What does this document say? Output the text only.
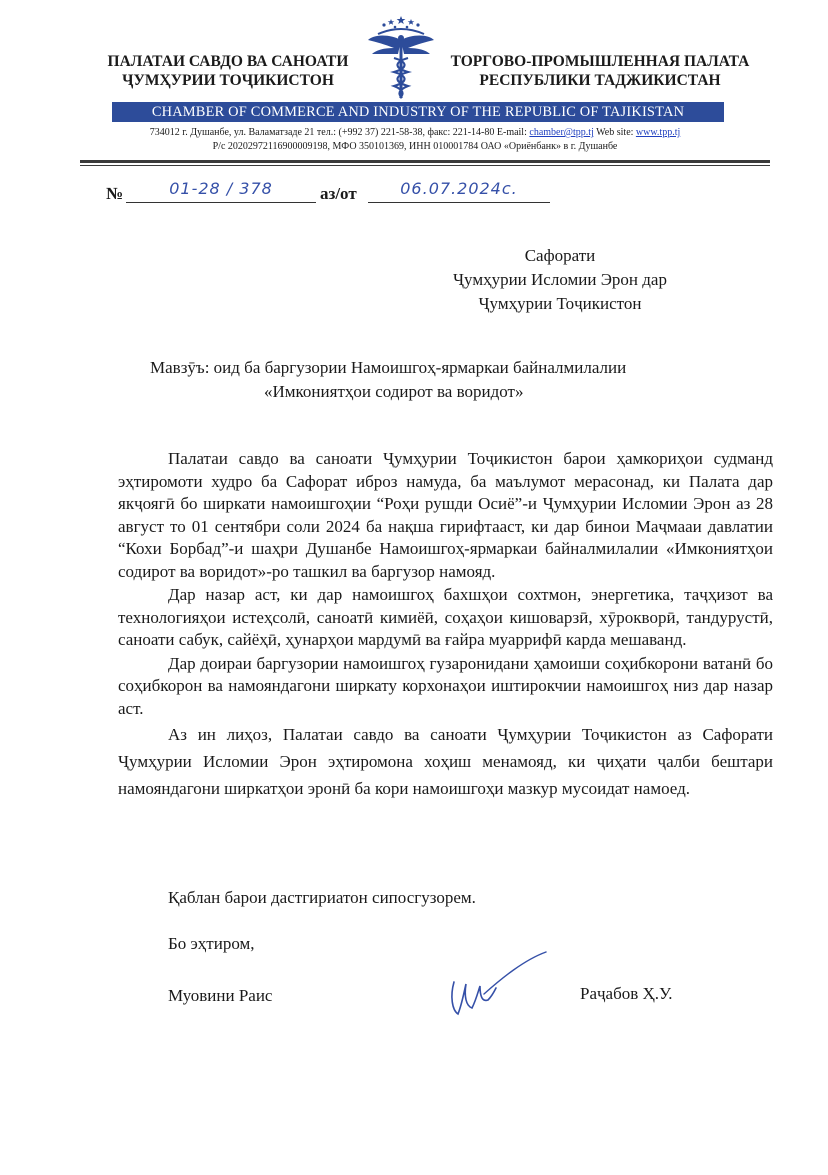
ПАЛАТАИ САВДО ВА САНОАТИ
ҶУМҲУРИИ ТОҶИКИСТОН
ТОРГОВО-ПРОМЫШЛЕННАЯ ПАЛАТА
РЕСПУБЛИКИ ТАДЖИКИСТАН
CHAMBER OF COMMERCE AND INDUSTRY OF THE REPUBLIC OF TAJIKISTAN
734012 г. Душанбе, ул. Валаматзаде 21 тел.: (+992 37) 221-58-38, факс: 221-14-80 E-mail: chamber@tpp.tj Web site: www.tpp.tj
Р/с 20202972116900009198, МФО 350101369, ИНН 010001784 ОАО «Ориёнбанк» в г. Душанбе
№	01-28 / 378	аз/от	06.07.2024с.
Сафорати
Ҷумҳурии Исломии Эрон дар
Ҷумҳурии Тоҷикистон
Мавзӯъ: оид ба баргузории Намоишгоҳ-ярмаркаи байналмилалии
«Имкониятҳои содирот ва воридот»

Палатаи савдо ва саноати Ҷумҳурии Тоҷикистон барои ҳамкориҳои судманд эҳтиромоти худро ба Сафорат иброз намуда, ба маълумот мерасонад, ки Палата дар якҷоягӣ бо ширкати намоишгоҳии “Роҳи рушди Осиё”-и Ҷумҳурии Исломии Эрон аз 28 август то 01 сентябри соли 2024 ба нақша гирифтааст, ки дар бинои Маҷмааи давлатии “Кохи Борбад”-и шаҳри Душанбе Намоишгоҳ-ярмаркаи байналмилалии «Имкониятҳои содирот ва воридот»-ро ташкил ва баргузор намояд.

Дар назар аст, ки дар намоишгоҳ бахшҳои сохтмон, энергетика, таҷҳизот ва технологияҳои истеҳсолӣ, саноатӣ кимиёӣ, соҳаҳои кишоварзӣ, хӯрокворӣ, тандурустӣ, саноати сабук, сайёҳӣ, ҳунарҳои мардумӣ ва ғайра муаррифӣ карда мешаванд.

Дар доираи баргузории намоишгоҳ гузаронидани ҳамоиши соҳибкорони ватанӣ бо соҳибкорон ва намояндагони ширкату корхонаҳои иштирокчии намоишгоҳ низ дар назар аст.

Аз ин лиҳоз, Палатаи савдо ва саноати Ҷумҳурии Тоҷикистон аз Сафорати Ҷумҳурии Исломии Эрон эҳтиромона хоҳиш менамояд, ки ҷиҳати ҷалби бештари намояндагони ширкатҳои эронӣ ба кори намоишгоҳи мазкур мусоидат намоед.

Қаблан барои дастгириатон сипосгузорем.
Бо эҳтиром,
Муовини Раис	Раҷабов Ҳ.У.
